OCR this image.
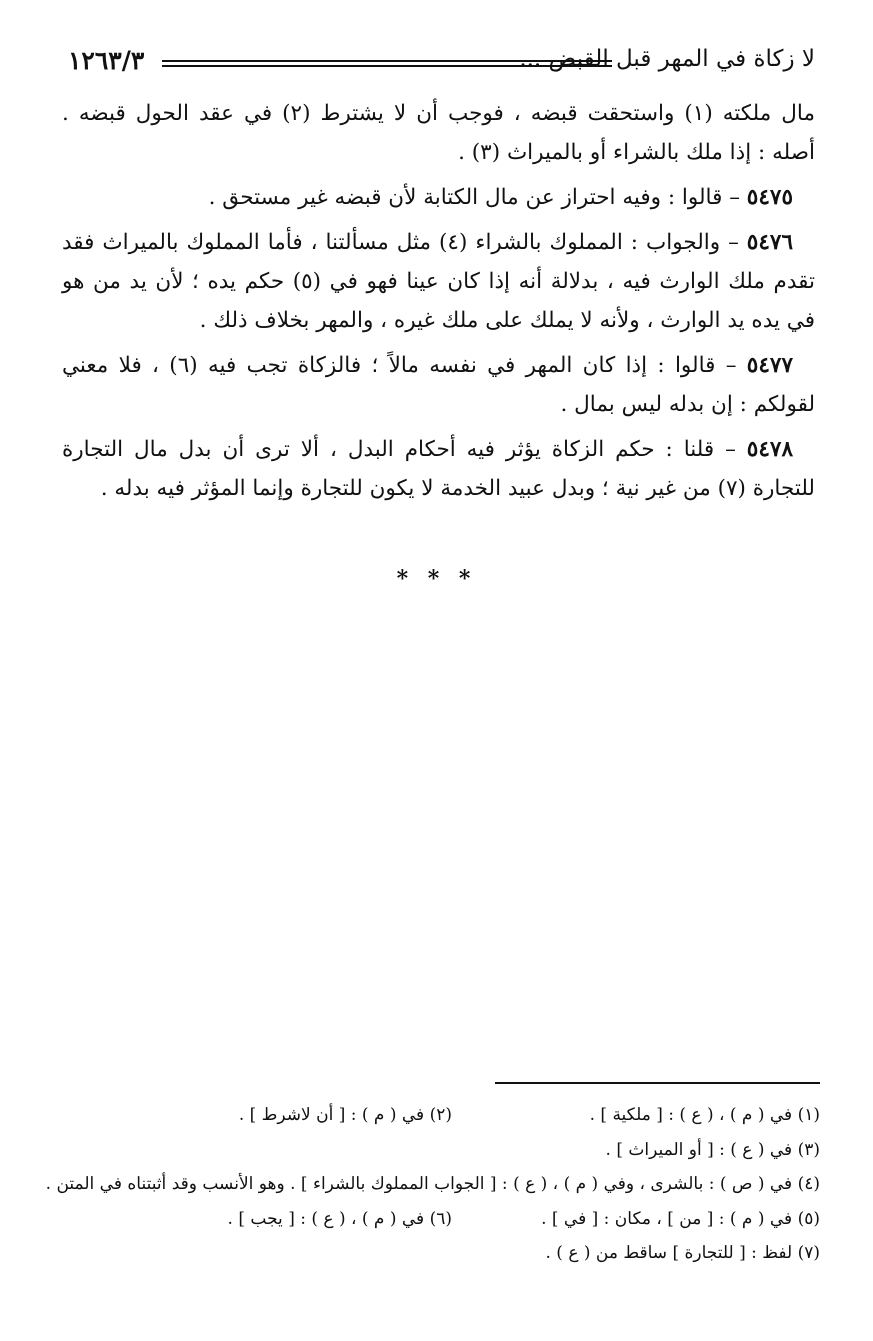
١٢٦٣/٣	لا زكاة في المهر قبل القبض ...

مال ملكته (١) واستحقت قبضه ، فوجب أن لا يشترط (٢) في عقد الحول قبضه . أصله : إذا ملك بالشراء أو بالميراث (٣) .

٥٤٧٥ – قالوا : وفيه احتراز عن مال الكتابة لأن قبضه غير مستحق .

٥٤٧٦ – والجواب : المملوك بالشراء (٤) مثل مسألتنا ، فأما المملوك بالميراث فقد تقدم ملك الوارث فيه ، بدلالة أنه إذا كان عينا فهو في (٥) حكم يده ؛ لأن يد من هو في يده يد الوارث ، ولأنه لا يملك على ملك غيره ، والمهر بخلاف ذلك .

٥٤٧٧ – قالوا : إذا كان المهر في نفسه مالاً ؛ فالزكاة تجب فيه (٦) ، فلا معني لقولكم : إن بدله ليس بمال .

٥٤٧٨ – قلنا : حكم الزكاة يؤثر فيه أحكام البدل ، ألا ترى أن بدل مال التجارة للتجارة (٧) من غير نية ؛ وبدل عبيد الخدمة لا يكون للتجارة وإنما المؤثر فيه بدله .

* * *
(١) في ( م ) ، ( ع ) : [ ملكية ] .
(٢) في ( م ) : [ أن لاشرط ] .
(٣) في ( ع ) : [ أو الميراث ] .
(٤) في ( ص ) : بالشرى ، وفي ( م ) ، ( ع ) : [ الجواب المملوك بالشراء ] . وهو الأنسب وقد أثبتناه في المتن .
(٥) في ( م ) : [ من ] ، مكان : [ في ] .
(٦) في ( م ) ، ( ع ) : [ يجب ] .
(٧) لفظ : [ للتجارة ] ساقط من ( ع ) .
